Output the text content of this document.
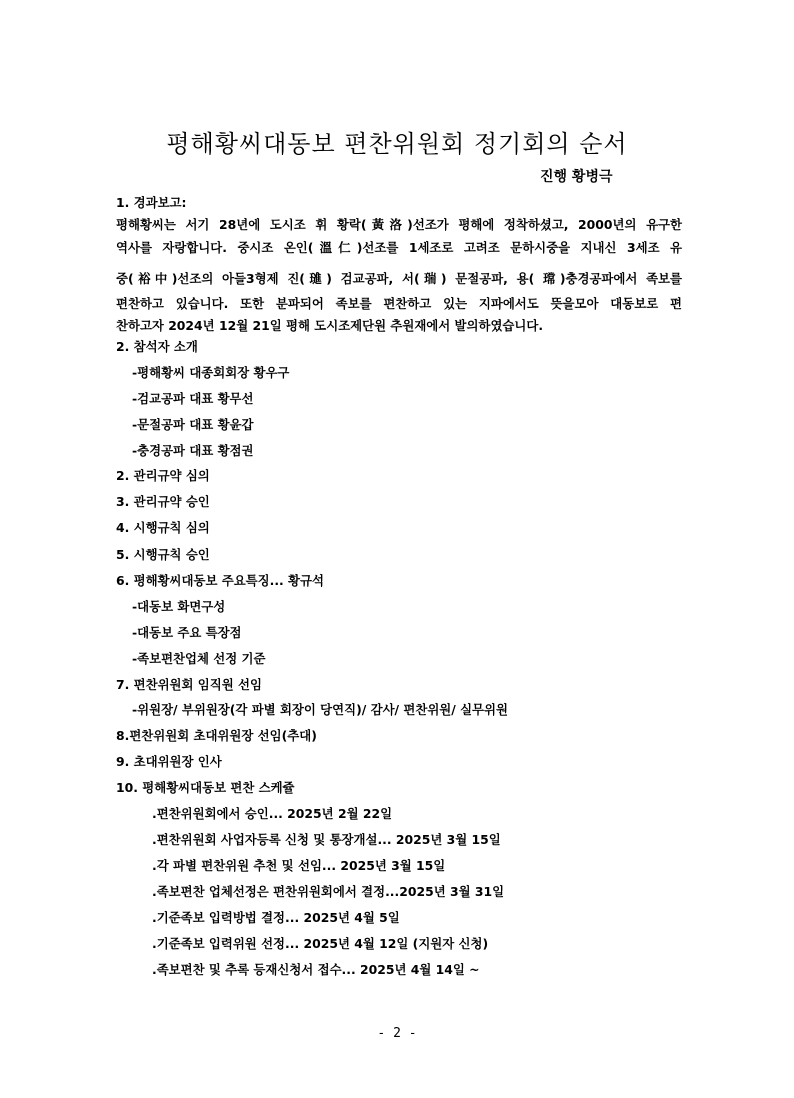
평해황씨대동보 편찬위원회 정기회의 순서
진행 황병극
1. 경과보고:
평해황씨는 서기 28년에 도시조 휘 황락(黃洛)선조가 평해에 정착하셨고, 2000년의 유구한
역사를 자랑합니다. 중시조 온인(溫仁)선조를 1세조로 고려조 문하시중을 지내신 3세조 유
중(裕中)선조의 아들3형제 진(璡) 검교공파, 서(瑞) 문절공파, 용( 瑺)충경공파에서 족보를
편찬하고 있습니다. 또한 분파되어 족보를 편찬하고 있는 지파에서도 뜻을모아 대동보로 편
찬하고자 2024년 12월 21일 평해 도시조제단원 추원재에서 발의하였습니다.
2. 참석자 소개
-평해황씨 대종회회장 황우구
-검교공파 대표 황무선
-문절공파 대표 황윤갑
-충경공파 대표 황점권
2. 관리규약 심의
3. 관리규약 승인
4. 시행규칙 심의
5. 시행규칙 승인
6. 평해황씨대동보 주요특징... 황규석
-대동보 화면구성
-대동보 주요 특장점
-족보편찬업체 선정 기준
7. 편찬위원회 임직원 선임
-위원장/ 부위원장(각 파별 회장이 당연직)/ 감사/ 편찬위원/ 실무위원
8.편찬위원회 초대위원장 선임(추대)
9. 초대위원장 인사
10. 평해황씨대동보 편찬 스케쥴
.편찬위원회에서 승인... 2025년 2월 22일
.편찬위원회 사업자등록 신청 및 통장개설... 2025년 3월 15일
.각 파별 편찬위원 추천 및 선임... 2025년 3월 15일
.족보편찬 업체선정은 편찬위원회에서 결정...2025년 3월 31일
.기준족보 입력방법 결정... 2025년 4월 5일
.기준족보 입력위원 선정... 2025년 4월 12일 (지원자 신청)
.족보편찬 및 추록 등재신청서 접수... 2025년 4월 14일 ~
- 2 -
